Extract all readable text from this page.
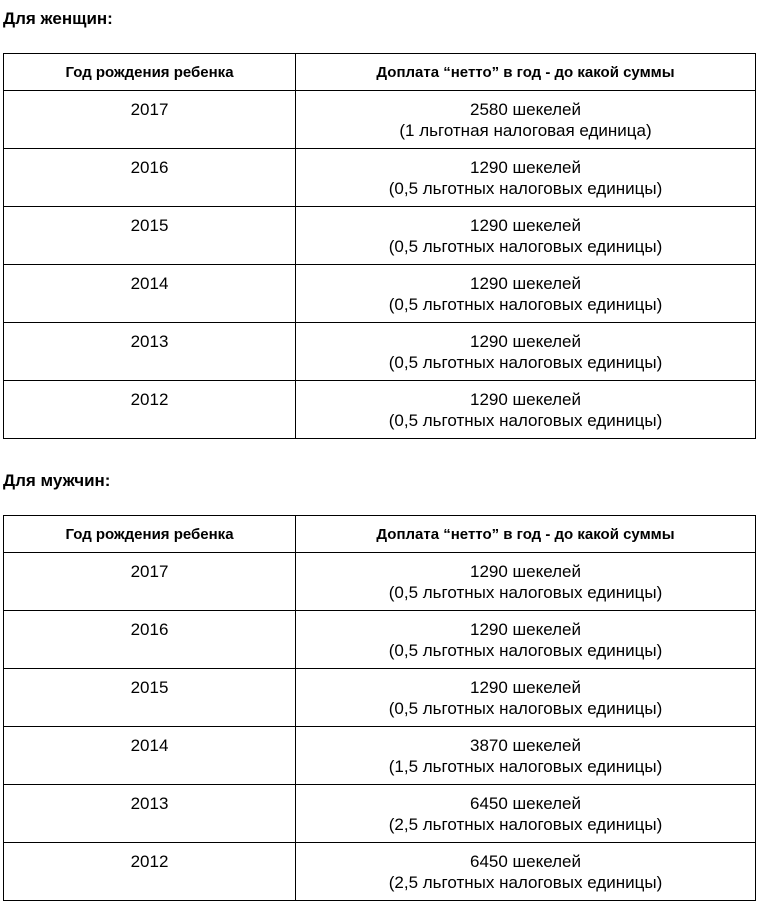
Для женщин:
Год рождения ребенка	Доплата “нетто” в год - до какой суммы
2017	2580 шекелей
(1 льготная налоговая единица)

2016	1290 шекелей
(0,5 льготных налоговых единицы)

2015	1290 шекелей
(0,5 льготных налоговых единицы)

2014	1290 шекелей
(0,5 льготных налоговых единицы)

2013	1290 шекелей
(0,5 льготных налоговых единицы)

2012	1290 шекелей
(0,5 льготных налоговых единицы)
Для мужчин:
Год рождения ребенка	Доплата “нетто” в год - до какой суммы
2017	1290 шекелей
(0,5 льготных налоговых единицы)

2016	1290 шекелей
(0,5 льготных налоговых единицы)

2015	1290 шекелей
(0,5 льготных налоговых единицы)

2014	3870 шекелей
(1,5 льготных налоговых единицы)

2013	6450 шекелей
(2,5 льготных налоговых единицы)

2012	6450 шекелей
(2,5 льготных налоговых единицы)
